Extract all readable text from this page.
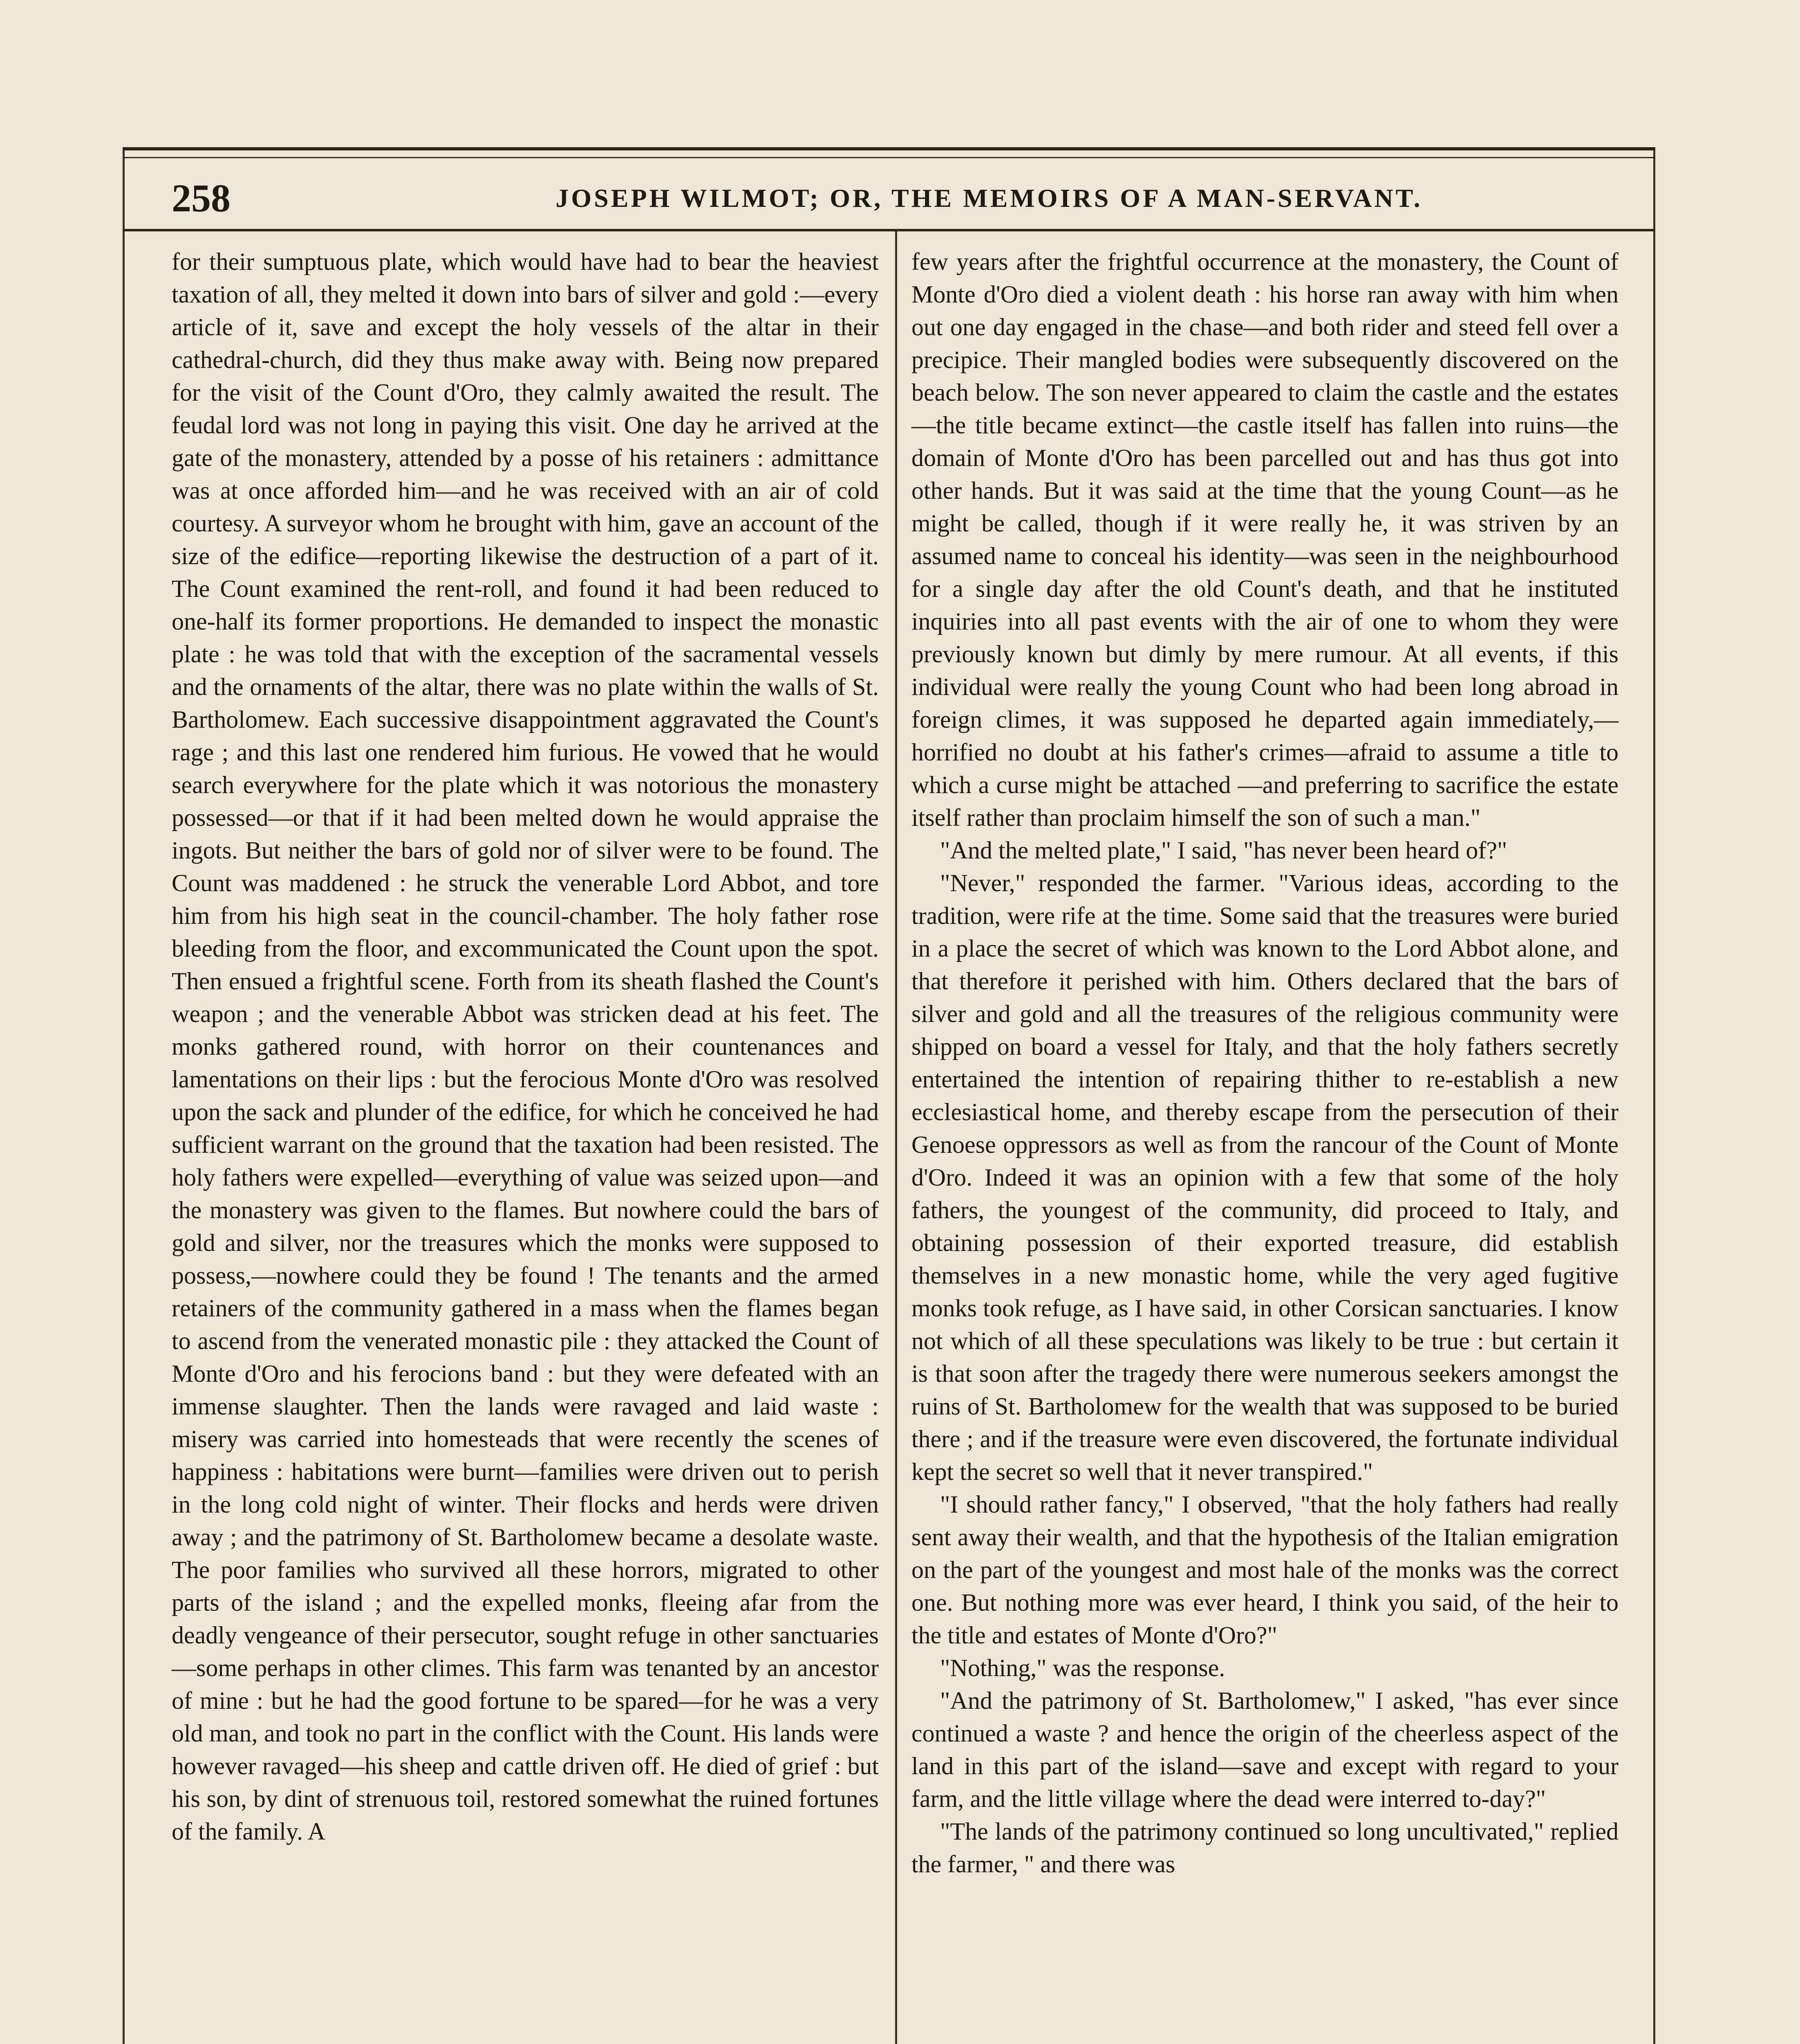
258	JOSEPH WILMOT; OR, THE MEMOIRS OF A MAN-SERVANT.

for their sumptuous plate, which would have had to bear the heaviest taxation of all, they melted it down into bars of silver and gold :—every article of it, save and except the holy vessels of the altar in their cathedral-church, did they thus make away with. Being now prepared for the visit of the Count d'Oro, they calmly awaited the result. The feudal lord was not long in paying this visit. One day he arrived at the gate of the monastery, attended by a posse of his retainers : admittance was at once afforded him—and he was received with an air of cold courtesy. A surveyor whom he brought with him, gave an account of the size of the edifice—reporting likewise the destruction of a part of it. The Count examined the rent-roll, and found it had been reduced to one-half its former proportions. He demanded to inspect the monastic plate : he was told that with the exception of the sacramental vessels and the ornaments of the altar, there was no plate within the walls of St. Bartholomew. Each successive disappointment aggravated the Count's rage ; and this last one rendered him furious. He vowed that he would search everywhere for the plate which it was notorious the monastery possessed—or that if it had been melted down he would appraise the ingots. But neither the bars of gold nor of silver were to be found. The Count was maddened : he struck the venerable Lord Abbot, and tore him from his high seat in the council-chamber. The holy father rose bleeding from the floor, and excommunicated the Count upon the spot. Then ensued a frightful scene. Forth from its sheath flashed the Count's weapon ; and the venerable Abbot was stricken dead at his feet. The monks gathered round, with horror on their countenances and lamentations on their lips : but the ferocious Monte d'Oro was resolved upon the sack and plunder of the edifice, for which he conceived he had sufficient warrant on the ground that the taxation had been resisted. The holy fathers were expelled—everything of value was seized upon—and the monastery was given to the flames. But nowhere could the bars of gold and silver, nor the treasures which the monks were supposed to possess,—nowhere could they be found ! The tenants and the armed retainers of the community gathered in a mass when the flames began to ascend from the venerated monastic pile : they attacked the Count of Monte d'Oro and his ferocions band : but they were defeated with an immense slaughter. Then the lands were ravaged and laid waste : misery was carried into homesteads that were recently the scenes of happiness : habitations were burnt—families were driven out to perish in the long cold night of winter. Their flocks and herds were driven away ; and the patrimony of St. Bartholomew became a desolate waste. The poor families who survived all these horrors, migrated to other parts of the island ; and the expelled monks, fleeing afar from the deadly vengeance of their persecutor, sought refuge in other sanctuaries —some perhaps in other climes. This farm was tenanted by an ancestor of mine : but he had the good fortune to be spared—for he was a very old man, and took no part in the conflict with the Count. His lands were however ravaged—his sheep and cattle driven off. He died of grief : but his son, by dint of strenuous toil, restored somewhat the ruined fortunes of the family. A

few years after the frightful occurrence at the monastery, the Count of Monte d'Oro died a violent death : his horse ran away with him when out one day engaged in the chase—and both rider and steed fell over a precipice. Their mangled bodies were subsequently discovered on the beach below. The son never appeared to claim the castle and the estates—the title became extinct—the castle itself has fallen into ruins—the domain of Monte d'Oro has been parcelled out and has thus got into other hands. But it was said at the time that the young Count—as he might be called, though if it were really he, it was striven by an assumed name to conceal his identity—was seen in the neighbourhood for a single day after the old Count's death, and that he instituted inquiries into all past events with the air of one to whom they were previously known but dimly by mere rumour. At all events, if this individual were really the young Count who had been long abroad in foreign climes, it was supposed he departed again immediately,—horrified no doubt at his father's crimes—afraid to assume a title to which a curse might be attached —and preferring to sacrifice the estate itself rather than proclaim himself the son of such a man."

"And the melted plate," I said, "has never been heard of?"

"Never," responded the farmer. "Various ideas, according to the tradition, were rife at the time. Some said that the treasures were buried in a place the secret of which was known to the Lord Abbot alone, and that therefore it perished with him. Others declared that the bars of silver and gold and all the treasures of the religious community were shipped on board a vessel for Italy, and that the holy fathers secretly entertained the intention of repairing thither to re-establish a new ecclesiastical home, and thereby escape from the persecution of their Genoese oppressors as well as from the rancour of the Count of Monte d'Oro. Indeed it was an opinion with a few that some of the holy fathers, the youngest of the community, did proceed to Italy, and obtaining possession of their exported treasure, did establish themselves in a new monastic home, while the very aged fugitive monks took refuge, as I have said, in other Corsican sanctuaries. I know not which of all these speculations was likely to be true : but certain it is that soon after the tragedy there were numerous seekers amongst the ruins of St. Bartholomew for the wealth that was supposed to be buried there ; and if the treasure were even discovered, the fortunate individual kept the secret so well that it never transpired."

"I should rather fancy," I observed, "that the holy fathers had really sent away their wealth, and that the hypothesis of the Italian emigration on the part of the youngest and most hale of the monks was the correct one. But nothing more was ever heard, I think you said, of the heir to the title and estates of Monte d'Oro?"

"Nothing," was the response.

"And the patrimony of St. Bartholomew," I asked, "has ever since continued a waste ? and hence the origin of the cheerless aspect of the land in this part of the island—save and except with regard to your farm, and the little village where the dead were interred to-day?"

"The lands of the patrimony continued so long uncultivated," replied the farmer, " and there was
